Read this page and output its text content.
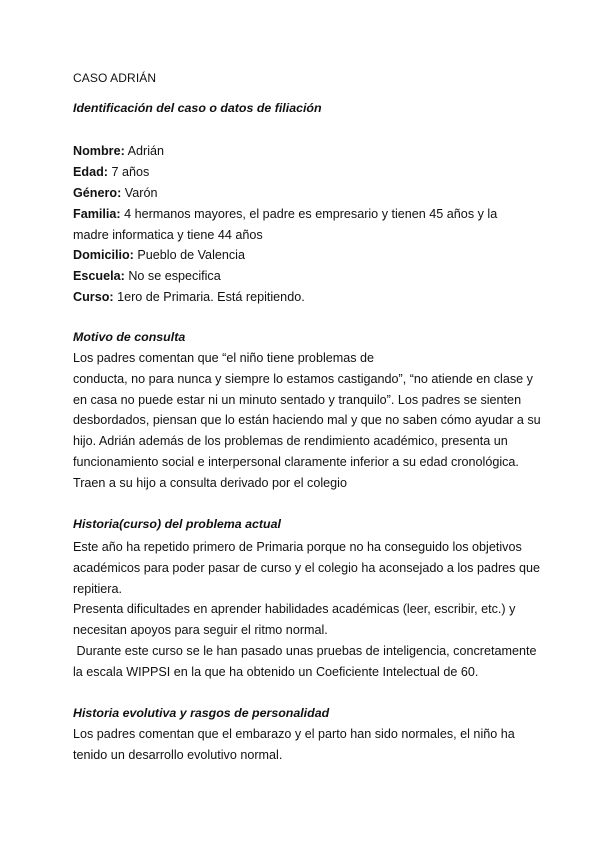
CASO ADRIÁN
Identificación del caso o datos de filiación
Nombre: Adrián
Edad: 7 años
Género: Varón
Familia: 4 hermanos mayores, el padre es empresario y tienen 45 años y la madre informatica y tiene 44 años
Domicilio: Pueblo de Valencia
Escuela: No se especifica
Curso: 1ero de Primaria. Está repitiendo.
Motivo de consulta
Los padres comentan que “el niño tiene problemas de
conducta, no para nunca y siempre lo estamos castigando”, “no atiende en clase y
en casa no puede estar ni un minuto sentado y tranquilo”. Los padres se sienten
desbordados, piensan que lo están haciendo mal y que no saben cómo ayudar a su
hijo. Adrián además de los problemas de rendimiento académico, presenta un
funcionamiento social e interpersonal claramente inferior a su edad cronológica.
Traen a su hijo a consulta derivado por el colegio
Historia(curso) del problema actual
Este año ha repetido primero de Primaria porque no ha conseguido los objetivos
académicos para poder pasar de curso y el colegio ha aconsejado a los padres que
repitiera.
Presenta dificultades en aprender habilidades académicas (leer, escribir, etc.) y
necesitan apoyos para seguir el ritmo normal.
Durante este curso se le han pasado unas pruebas de inteligencia, concretamente
la escala WIPPSI en la que ha obtenido un Coeficiente Intelectual de 60.
Historia evolutiva y rasgos de personalidad
Los padres comentan que el embarazo y el parto han sido normales, el niño ha
tenido un desarrollo evolutivo normal.
